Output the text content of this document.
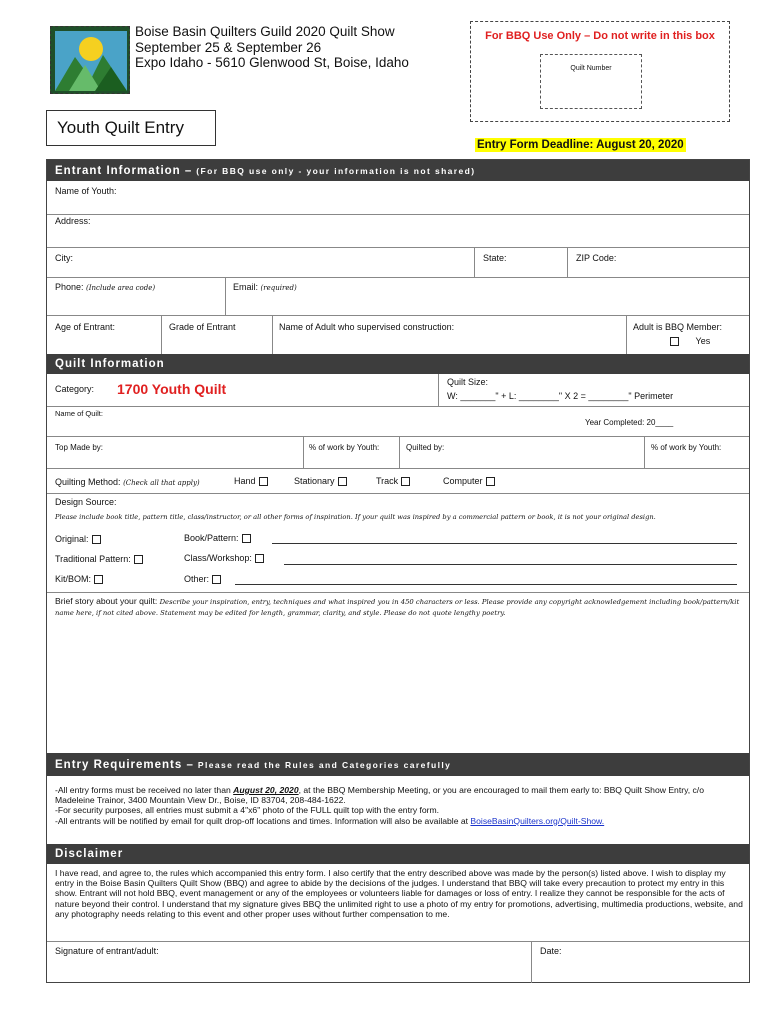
Boise Basin Quilters Guild 2020 Quilt Show
September 25 & September 26
Expo Idaho - 5610 Glenwood St, Boise, Idaho
For BBQ Use Only – Do not write in this box
Quilt Number
Youth Quilt Entry
Entry Form Deadline: August 20, 2020
Entrant Information – (For BBQ use only - your information is not shared)
Name of Youth:
Address:
City:	State:	ZIP Code:
Phone: (Include area code)	Email: (required)
Age of Entrant:	Grade of Entrant	Name of Adult who supervised construction:	Adult is BBQ Member:
Yes
Quilt Information
Category: 1700 Youth Quilt	Quilt Size:
W: _______" + L: ________" X 2 = ________" Perimeter
Name of Quilt:
Year Completed: 20____
Top Made by:	% of work by Youth:	Quilted by:	% of work by Youth:
Quilting Method: (Check all that apply)	Hand	Stationary	Track	Computer
Design Source:
Please include book title, pattern title, class/instructor, or all other forms of inspiration. If your quilt was inspired by a commercial pattern or book, it is not your original design.
Original:	Book/Pattern:
Traditional Pattern:	Class/Workshop:
Kit/BOM:	Other:
Brief story about your quilt: Describe your inspiration, entry, techniques and what inspired you in 450 characters or less. Please provide any copyright acknowledgement including book/pattern/kit name here, if not cited above. Statement may be edited for length, grammar, clarity, and style. Please do not quote lengthy poetry.
Entry Requirements – Please read the Rules and Categories carefully
-All entry forms must be received no later than August 20, 2020, at the BBQ Membership Meeting, or you are encouraged to mail them early to: BBQ Quilt Show Entry, c/o Madeleine Trainor, 3400 Mountain View Dr., Boise, ID 83704, 208-484-1622.
-For security purposes, all entries must submit a 4"x6" photo of the FULL quilt top with the entry form.
-All entrants will be notified by email for quilt drop-off locations and times. Information will also be available at BoiseBasinQuilters.org/Quilt-Show.
Disclaimer
I have read, and agree to, the rules which accompanied this entry form. I also certify that the entry described above was made by the person(s) listed above. I wish to display my entry in the Boise Basin Quilters Quilt Show (BBQ) and agree to abide by the decisions of the judges. I understand that BBQ will take every precaution to protect my entry in this show. Entrant will not hold BBQ, event management or any of the employees or volunteers liable for damages or loss of entry. I realize they cannot be responsible for the acts of nature beyond their control. I understand that my signature gives BBQ the unlimited right to use a photo of my entry for promotions, advertising, multimedia productions, website, and any photography needs relating to this event and other proper uses without further compensation to me.
Signature of entrant/adult:	Date:
